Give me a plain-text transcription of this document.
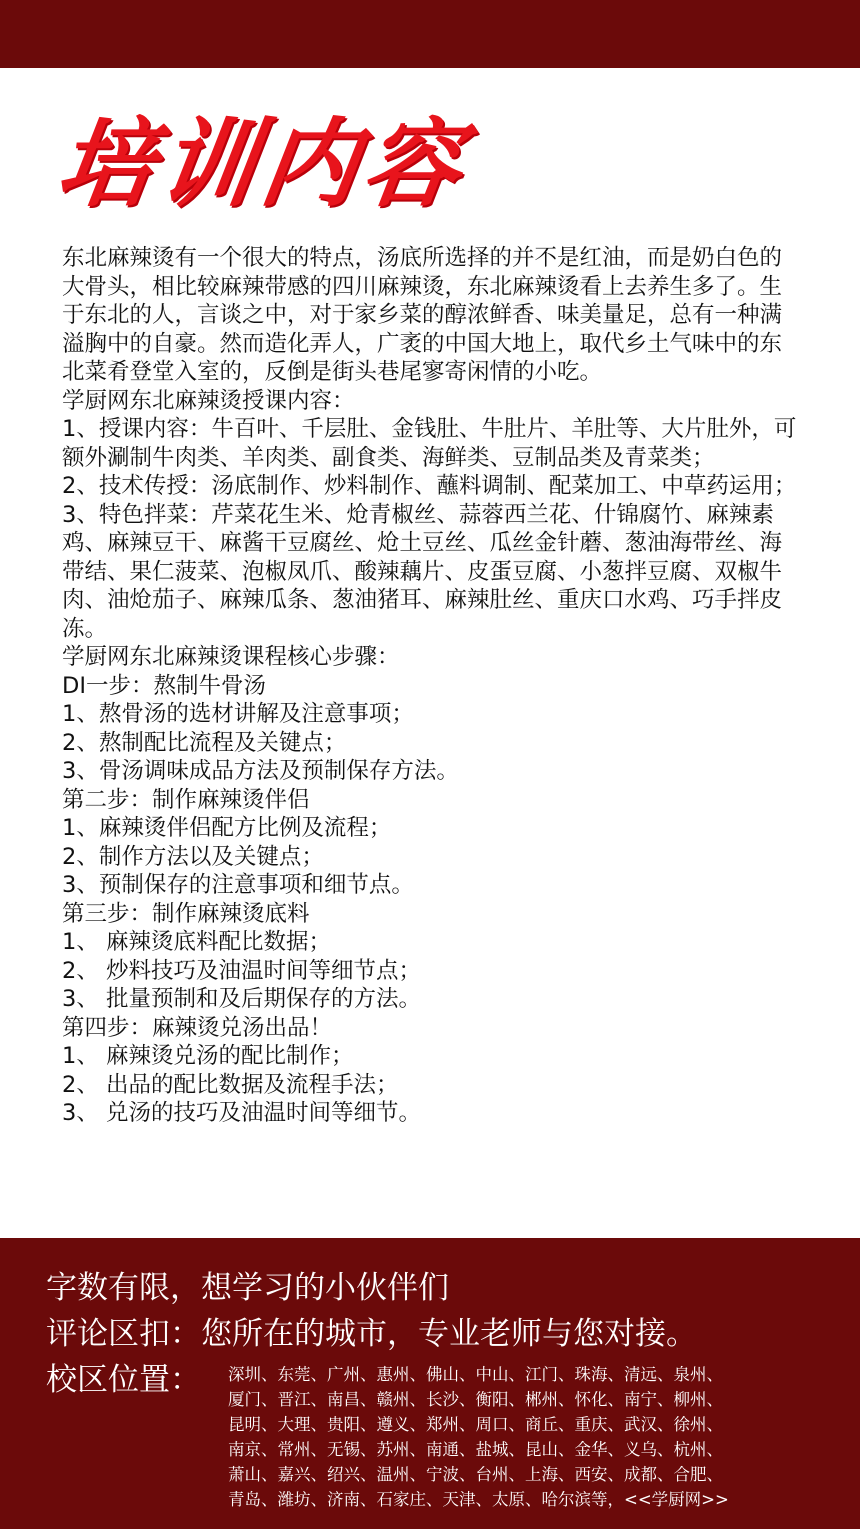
培训内容

东北麻辣烫有一个很大的特点，汤底所选择的并不是红油，而是奶白色的大骨头，相比较麻辣带感的四川麻辣烫，东北麻辣烫看上去养生多了。生于东北的人，言谈之中，对于家乡菜的醇浓鲜香、味美量足，总有一种满溢胸中的自豪。然而造化弄人，广袤的中国大地上，取代乡土气味中的东北菜肴登堂入室的，反倒是街头巷尾寥寄闲情的小吃。

学厨网东北麻辣烫授课内容：

1、授课内容：牛百叶、千层肚、金钱肚、牛肚片、羊肚等、大片肚外，可额外涮制牛肉类、羊肉类、副食类、海鲜类、豆制品类及青菜类；

2、技术传授：汤底制作、炒料制作、蘸料调制、配菜加工、中草药运用；

3、特色拌菜：芹菜花生米、炝青椒丝、蒜蓉西兰花、什锦腐竹、麻辣素鸡、麻辣豆干、麻酱干豆腐丝、炝土豆丝、瓜丝金针蘑、葱油海带丝、海带结、果仁菠菜、泡椒凤爪、酸辣藕片、皮蛋豆腐、小葱拌豆腐、双椒牛肉、油炝茄子、麻辣瓜条、葱油猪耳、麻辣肚丝、重庆口水鸡、巧手拌皮冻。

学厨网东北麻辣烫课程核心步骤：

DI一步：熬制牛骨汤

1、熬骨汤的选材讲解及注意事项；

2、熬制配比流程及关键点；

3、骨汤调味成品方法及预制保存方法。

第二步：制作麻辣烫伴侣

1、麻辣烫伴侣配方比例及流程；

2、制作方法以及关键点；

3、预制保存的注意事项和细节点。

第三步：制作麻辣烫底料

1、 麻辣烫底料配比数据；

2、 炒料技巧及油温时间等细节点；

3、 批量预制和及后期保存的方法。

第四步：麻辣烫兑汤出品！

1、 麻辣烫兑汤的配比制作；

2、 出品的配比数据及流程手法；

3、 兑汤的技巧及油温时间等细节。

字数有限，想学习的小伙伴们
评论区扣：您所在的城市，专业老师与您对接。
校区位置： 深圳、东莞、广州、惠州、佛山、中山、江门、珠海、清远、泉州、

厦门、晋江、南昌、赣州、长沙、衡阳、郴州、怀化、南宁、柳州、

昆明、大理、贵阳、遵义、郑州、周口、商丘、重庆、武汉、徐州、

南京、常州、无锡、苏州、南通、盐城、昆山、金华、义乌、杭州、

萧山、嘉兴、绍兴、温州、宁波、台州、上海、西安、成都、合肥、

青岛、潍坊、济南、石家庄、天津、太原、哈尔滨等，<<学厨网>>
